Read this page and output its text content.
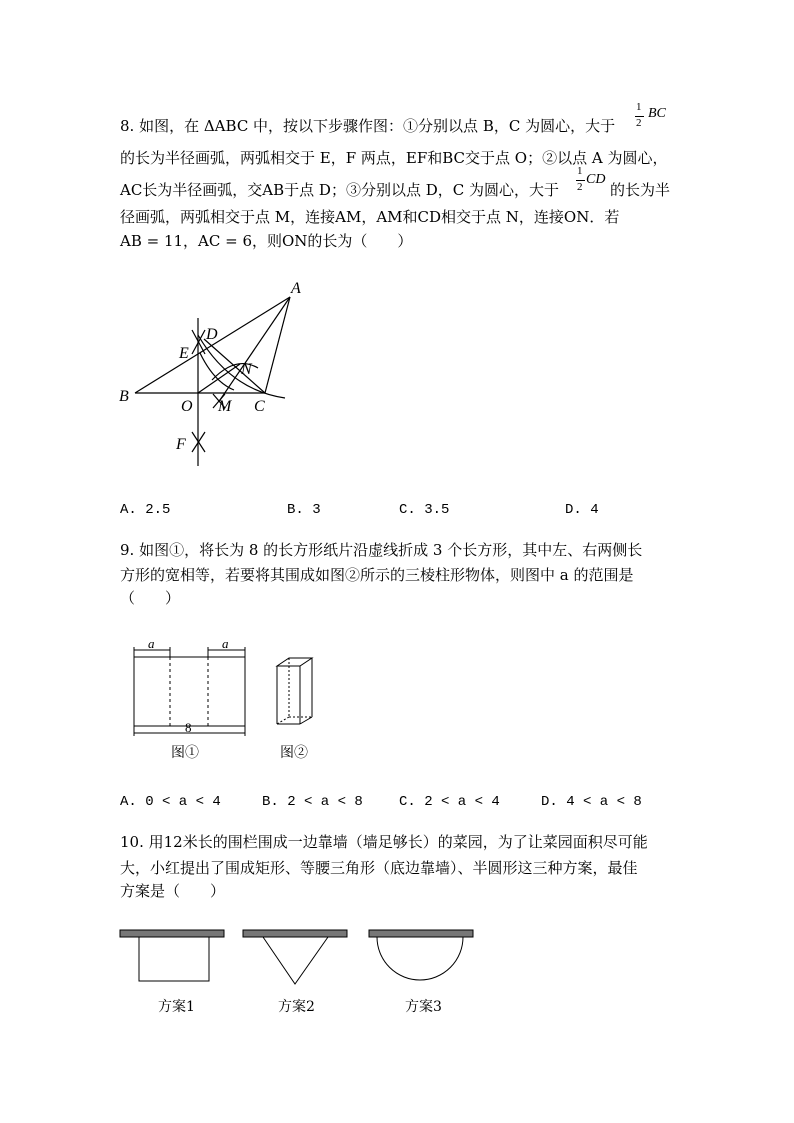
8. 如图，在 ΔABC 中，按以下步骤作图：①分别以点 B，C 为圆心，大于
1
2
BC
的长为半径画弧，两弧相交于 E，F 两点，EF和BC交于点 O；②以点 A 为圆心，
AC长为半径画弧，交AB于点 D；③分别以点 D，C 为圆心，大于
1
2 CD
的长为半
径画弧，两弧相交于点 M，连接AM，AM和CD相交于点 N，连接ON．若
AB = 11，AC = 6，则ON的长为（　　）
A
B
C
D
E
F
M
N
O
A. 2.5	B. 3	C. 3.5	D. 4
9. 如图①，将长为 8 的长方形纸片沿虚线折成 3 个长方形，其中左、右两侧长
方形的宽相等，若要将其围成如图②所示的三棱柱形物体，则图中 a 的范围是
（　　）
a	a
8
图①	图②
A. 0 < a < 4	B. 2 < a < 8	C. 2 < a < 4	D. 4 < a < 8
10. 用12米长的围栏围成一边靠墙（墙足够长）的菜园，为了让菜园面积尽可能
大，小红提出了围成矩形、等腰三角形（底边靠墙）、半圆形这三种方案，最佳
方案是（　　）
方案1	方案2	方案3
